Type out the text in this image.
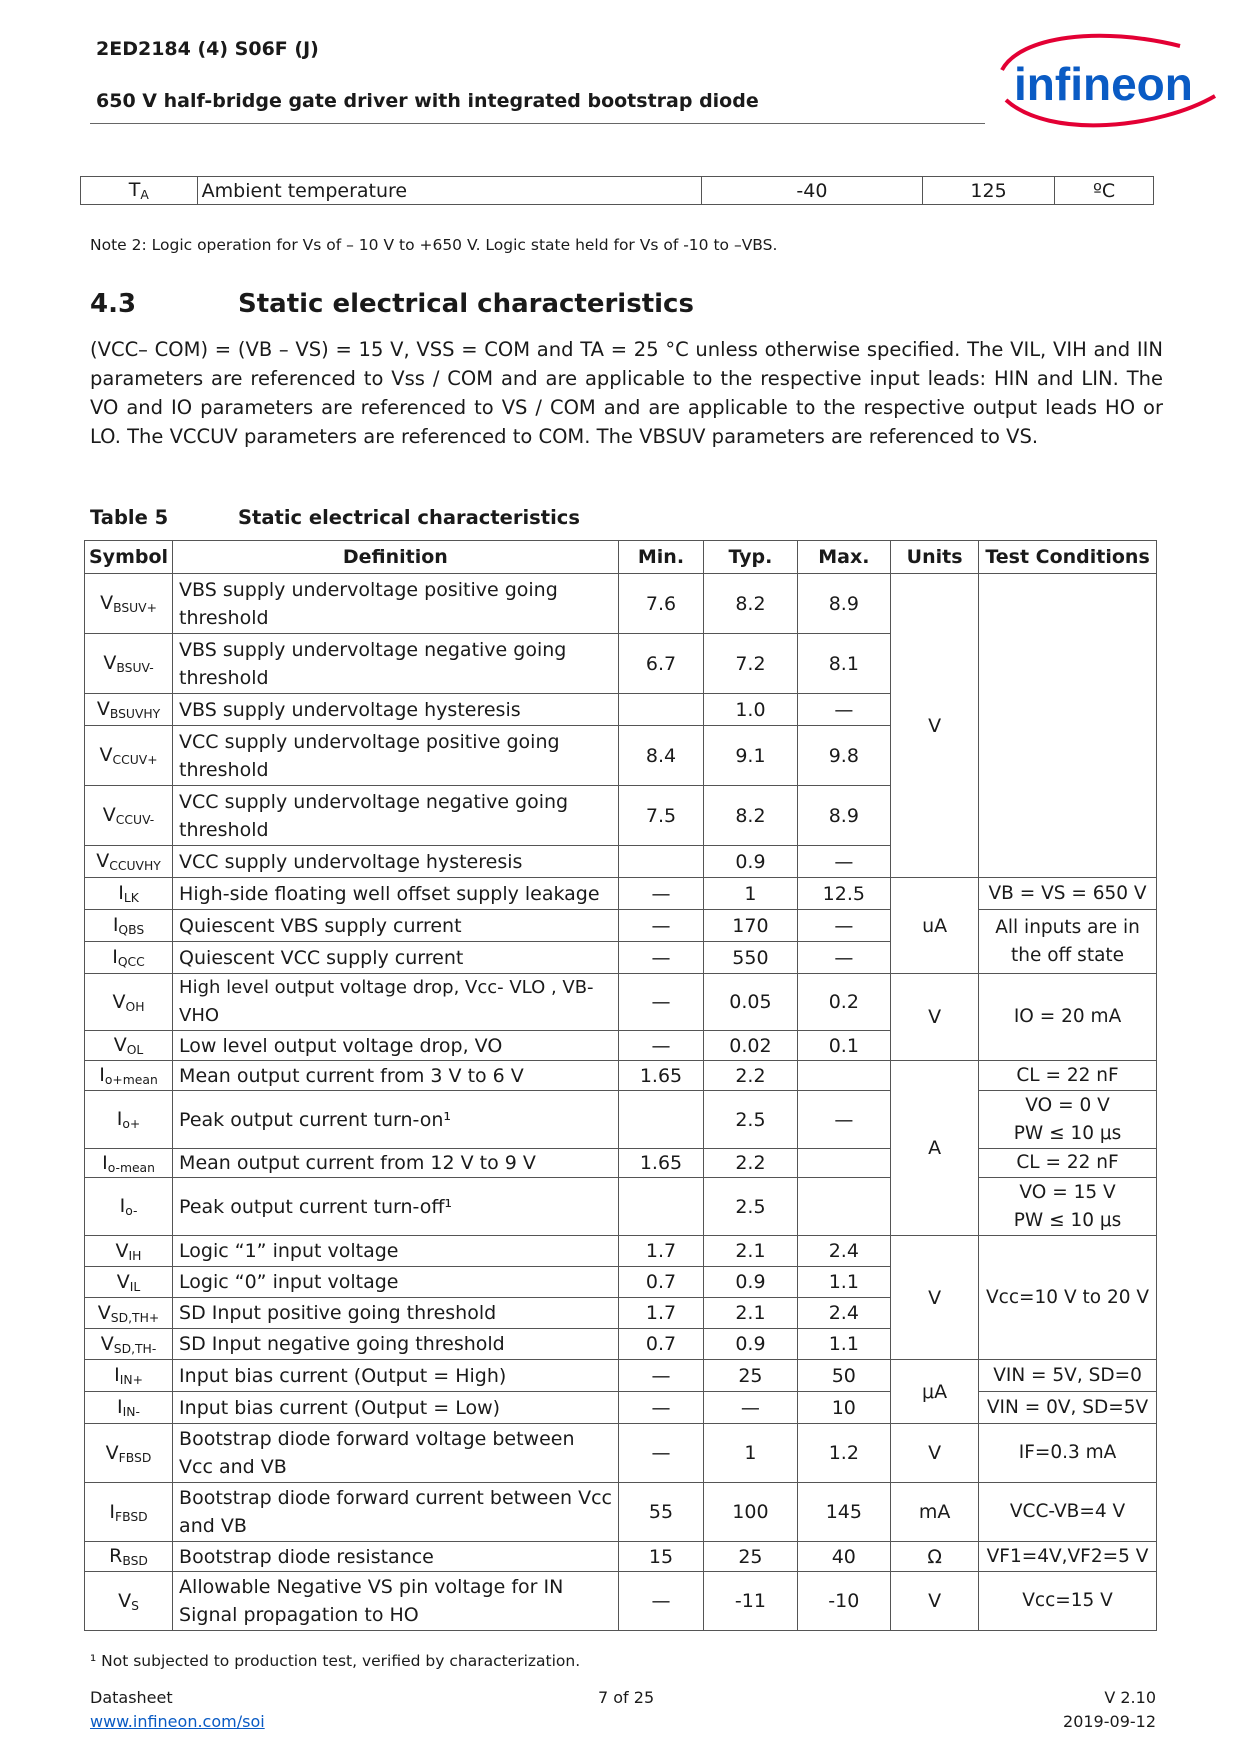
2ED2184 (4) S06F (J)
650 V half-bridge gate driver with integrated bootstrap diode	infineon
$T_A$	Ambient temperature	-40	125	ºC
Note 2: Logic operation for Vs of – 10 V to +650 V. Logic state held for Vs of -10 to –VBS.
4.3	Static electrical characteristics
(VCC– COM) = (VB – VS) = 15 V, VSS = COM and TA = 25 °C unless otherwise specified. The VIL, VIH and IIN parameters are referenced to Vss / COM and are applicable to the respective input leads: HIN and LIN. The VO and IO parameters are referenced to VS / COM and are applicable to the respective output leads HO or LO. The VCCUV parameters are referenced to COM. The VBSUV parameters are referenced to VS.
Table 5	Static electrical characteristics
Symbol	Definition	Min.	Typ.	Max.	Units	Test Conditions
$V_{BSUV+}$	VBS supply undervoltage positive going threshold	7.6	8.2	8.9	V	
$V_{BSUV-}$	VBS supply undervoltage negative going threshold	6.7	7.2	8.1		
$V_{BSUVHY}$	VBS supply undervoltage hysteresis		1.0	—		
$V_{CCUV+}$	VCC supply undervoltage positive going threshold	8.4	9.1	9.8		
$V_{CCUV-}$	VCC supply undervoltage negative going threshold	7.5	8.2	8.9		
$V_{CCUVHY}$	VCC supply undervoltage hysteresis		0.9	—		
$I_{LK}$	High-side floating well offset supply leakage	—	1	12.5	uA	VB = VS = 650 V
$I_{QBS}$	Quiescent VBS supply current	—	170	—		All inputs are in the off state
$I_{QCC}$	Quiescent VCC supply current	—	550	—		
$V_{OH}$	High level output voltage drop, Vcc- VLO , VB- VHO	—	0.05	0.2	V	IO = 20 mA
$V_{OL}$	Low level output voltage drop, VO	—	0.02	0.1		
$I_{o+mean}$	Mean output current from 3 V to 6 V	1.65	2.2		A	CL = 22 nF
$I_{o+}$	Peak output current turn-on¹		2.5	—		VO = 0 V
PW ≤ 10 μs

$I_{o-mean}$	Mean output current from 12 V to 9 V	1.65	2.2			CL = 22 nF
$I_{o-}$	Peak output current turn-off¹		2.5			VO = 15 V
PW ≤ 10 μs

$V_{IH}$	Logic “1” input voltage	1.7	2.1	2.4	V	Vcc=10 V to 20 V
$V_{IL}$	Logic “0” input voltage	0.7	0.9	1.1		
$V_{SD,TH+}$	SD Input positive going threshold	1.7	2.1	2.4		
$V_{SD,TH-}$	SD Input negative going threshold	0.7	0.9	1.1		
$I_{IN+}$	Input bias current (Output = High)	—	25	50	μA	VIN = 5V, SD=0
$I_{IN-}$	Input bias current (Output = Low)	—	—	10		VIN = 0V, SD=5V
$V_{FBSD}$	Bootstrap diode forward voltage between Vcc and VB	—	1	1.2	V	IF=0.3 mA
$I_{FBSD}$	Bootstrap diode forward current between Vcc and VB	55	100	145	mA	VCC-VB=4 V
$R_{BSD}$	Bootstrap diode resistance	15	25	40	Ω	VF1=4V,VF2=5 V
$V_S$	Allowable Negative VS pin voltage for IN Signal propagation to HO	—	-11	-10	V	Vcc=15 V
¹ Not subjected to production test, verified by characterization.
Datasheet
www.infineon.com/soi
7 of 25	V 2.10
2019-09-12
